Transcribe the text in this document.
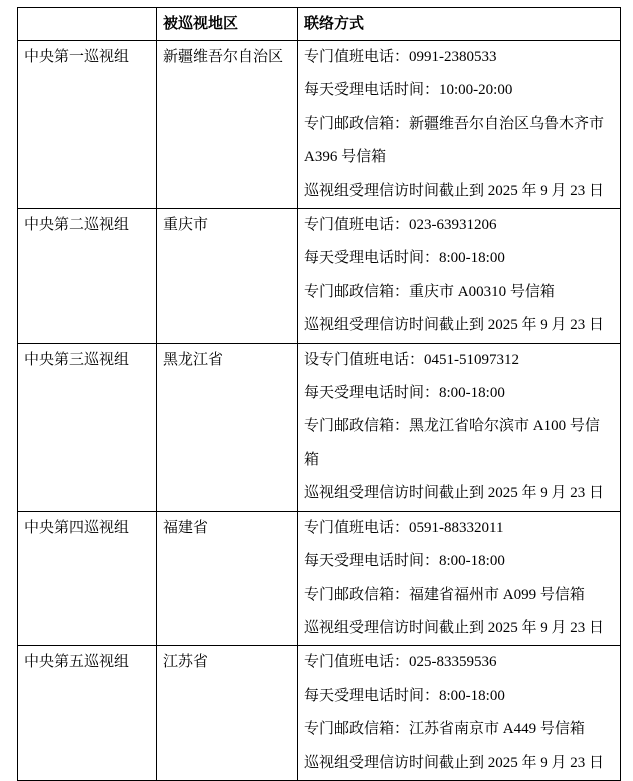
	被巡视地区	联络方式
中央第一巡视组	新疆维吾尔自治区	专门值班电话：0991-2380533

每天受理电话时间：10:00-20:00

专门邮政信箱：新疆维吾尔自治区乌鲁木齐市 A396 号信箱

巡视组受理信访时间截止到 2025 年 9 月 23 日

中央第二巡视组	重庆市	专门值班电话：023-63931206

每天受理电话时间：8:00-18:00

专门邮政信箱：重庆市 A00310 号信箱

巡视组受理信访时间截止到 2025 年 9 月 23 日

中央第三巡视组	黑龙江省	设专门值班电话：0451-51097312

每天受理电话时间：8:00-18:00

专门邮政信箱：黑龙江省哈尔滨市 A100 号信箱

巡视组受理信访时间截止到 2025 年 9 月 23 日

中央第四巡视组	福建省	专门值班电话：0591-88332011

每天受理电话时间：8:00-18:00

专门邮政信箱：福建省福州市 A099 号信箱

巡视组受理信访时间截止到 2025 年 9 月 23 日

中央第五巡视组	江苏省	专门值班电话：025-83359536

每天受理电话时间：8:00-18:00

专门邮政信箱：江苏省南京市 A449 号信箱

巡视组受理信访时间截止到 2025 年 9 月 23 日
